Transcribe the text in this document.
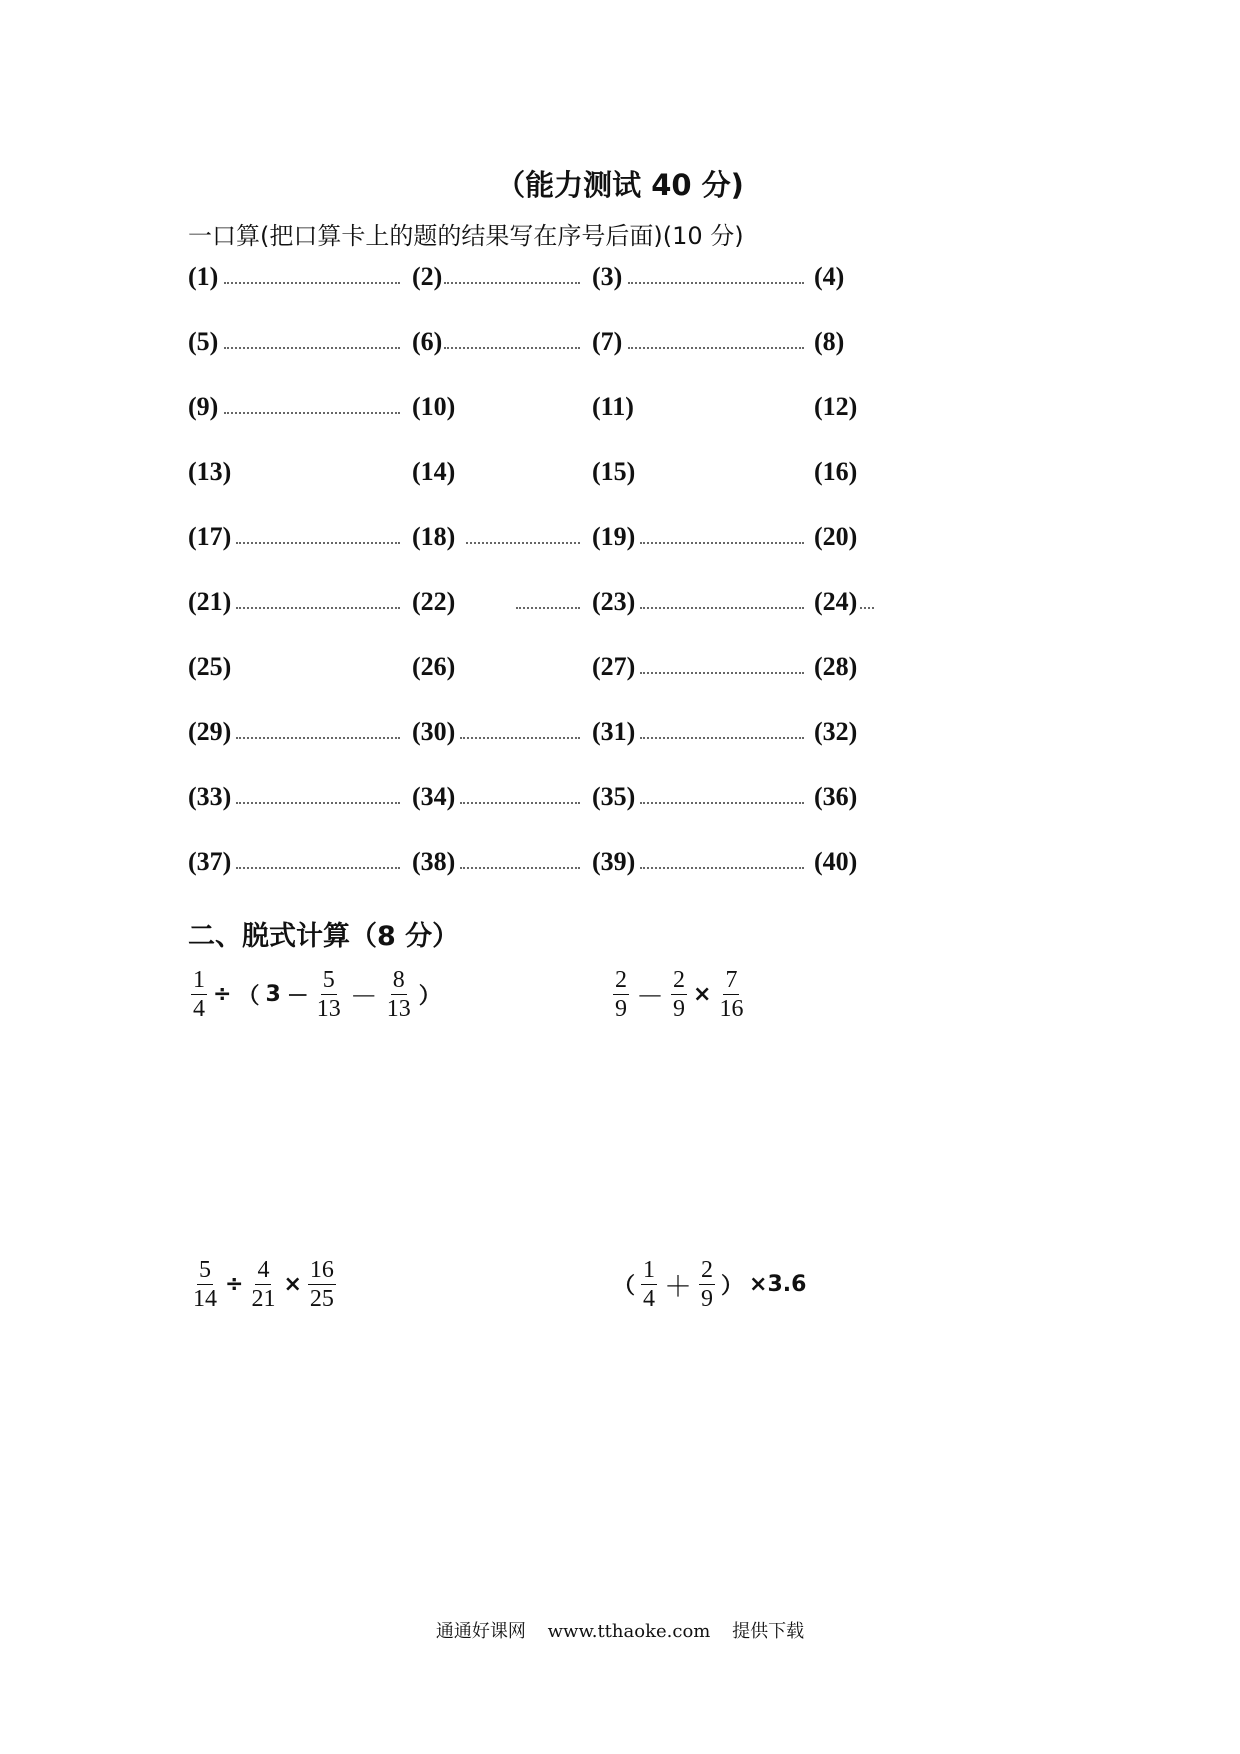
（能力测试 40 分)
一口算(把口算卡上的题的结果写在序号后面)(10 分)
(1)	(2)	(3)	(4)
(5)	(6)	(7)	(8)
(9)	(10)	(11)	(12)
(13)	(14)	(15)	(16)
(17)	(18)	(19)	(20)
(21)	(22)	(23)	(24)
(25)	(26)	(27)	(28)
(29)	(30)	(31)	(32)
(33)	(34)	(35)	(36)
(37)	(38)	(39)	(40)
二、脱式计算（8 分）
$\frac{1}{4}$ ÷ （ $3 - \frac{5}{13} - \frac{8}{13}$ ）	$\frac{2}{9} - \frac{2}{9} \times \frac{7}{16}$
$\frac{5}{14} \div \frac{4}{21} \times \frac{16}{25}$	（ $\frac{1}{4} + \frac{2}{9}$ ） ×3.6
通通好课网 www.tthaoke.com 提供下载
